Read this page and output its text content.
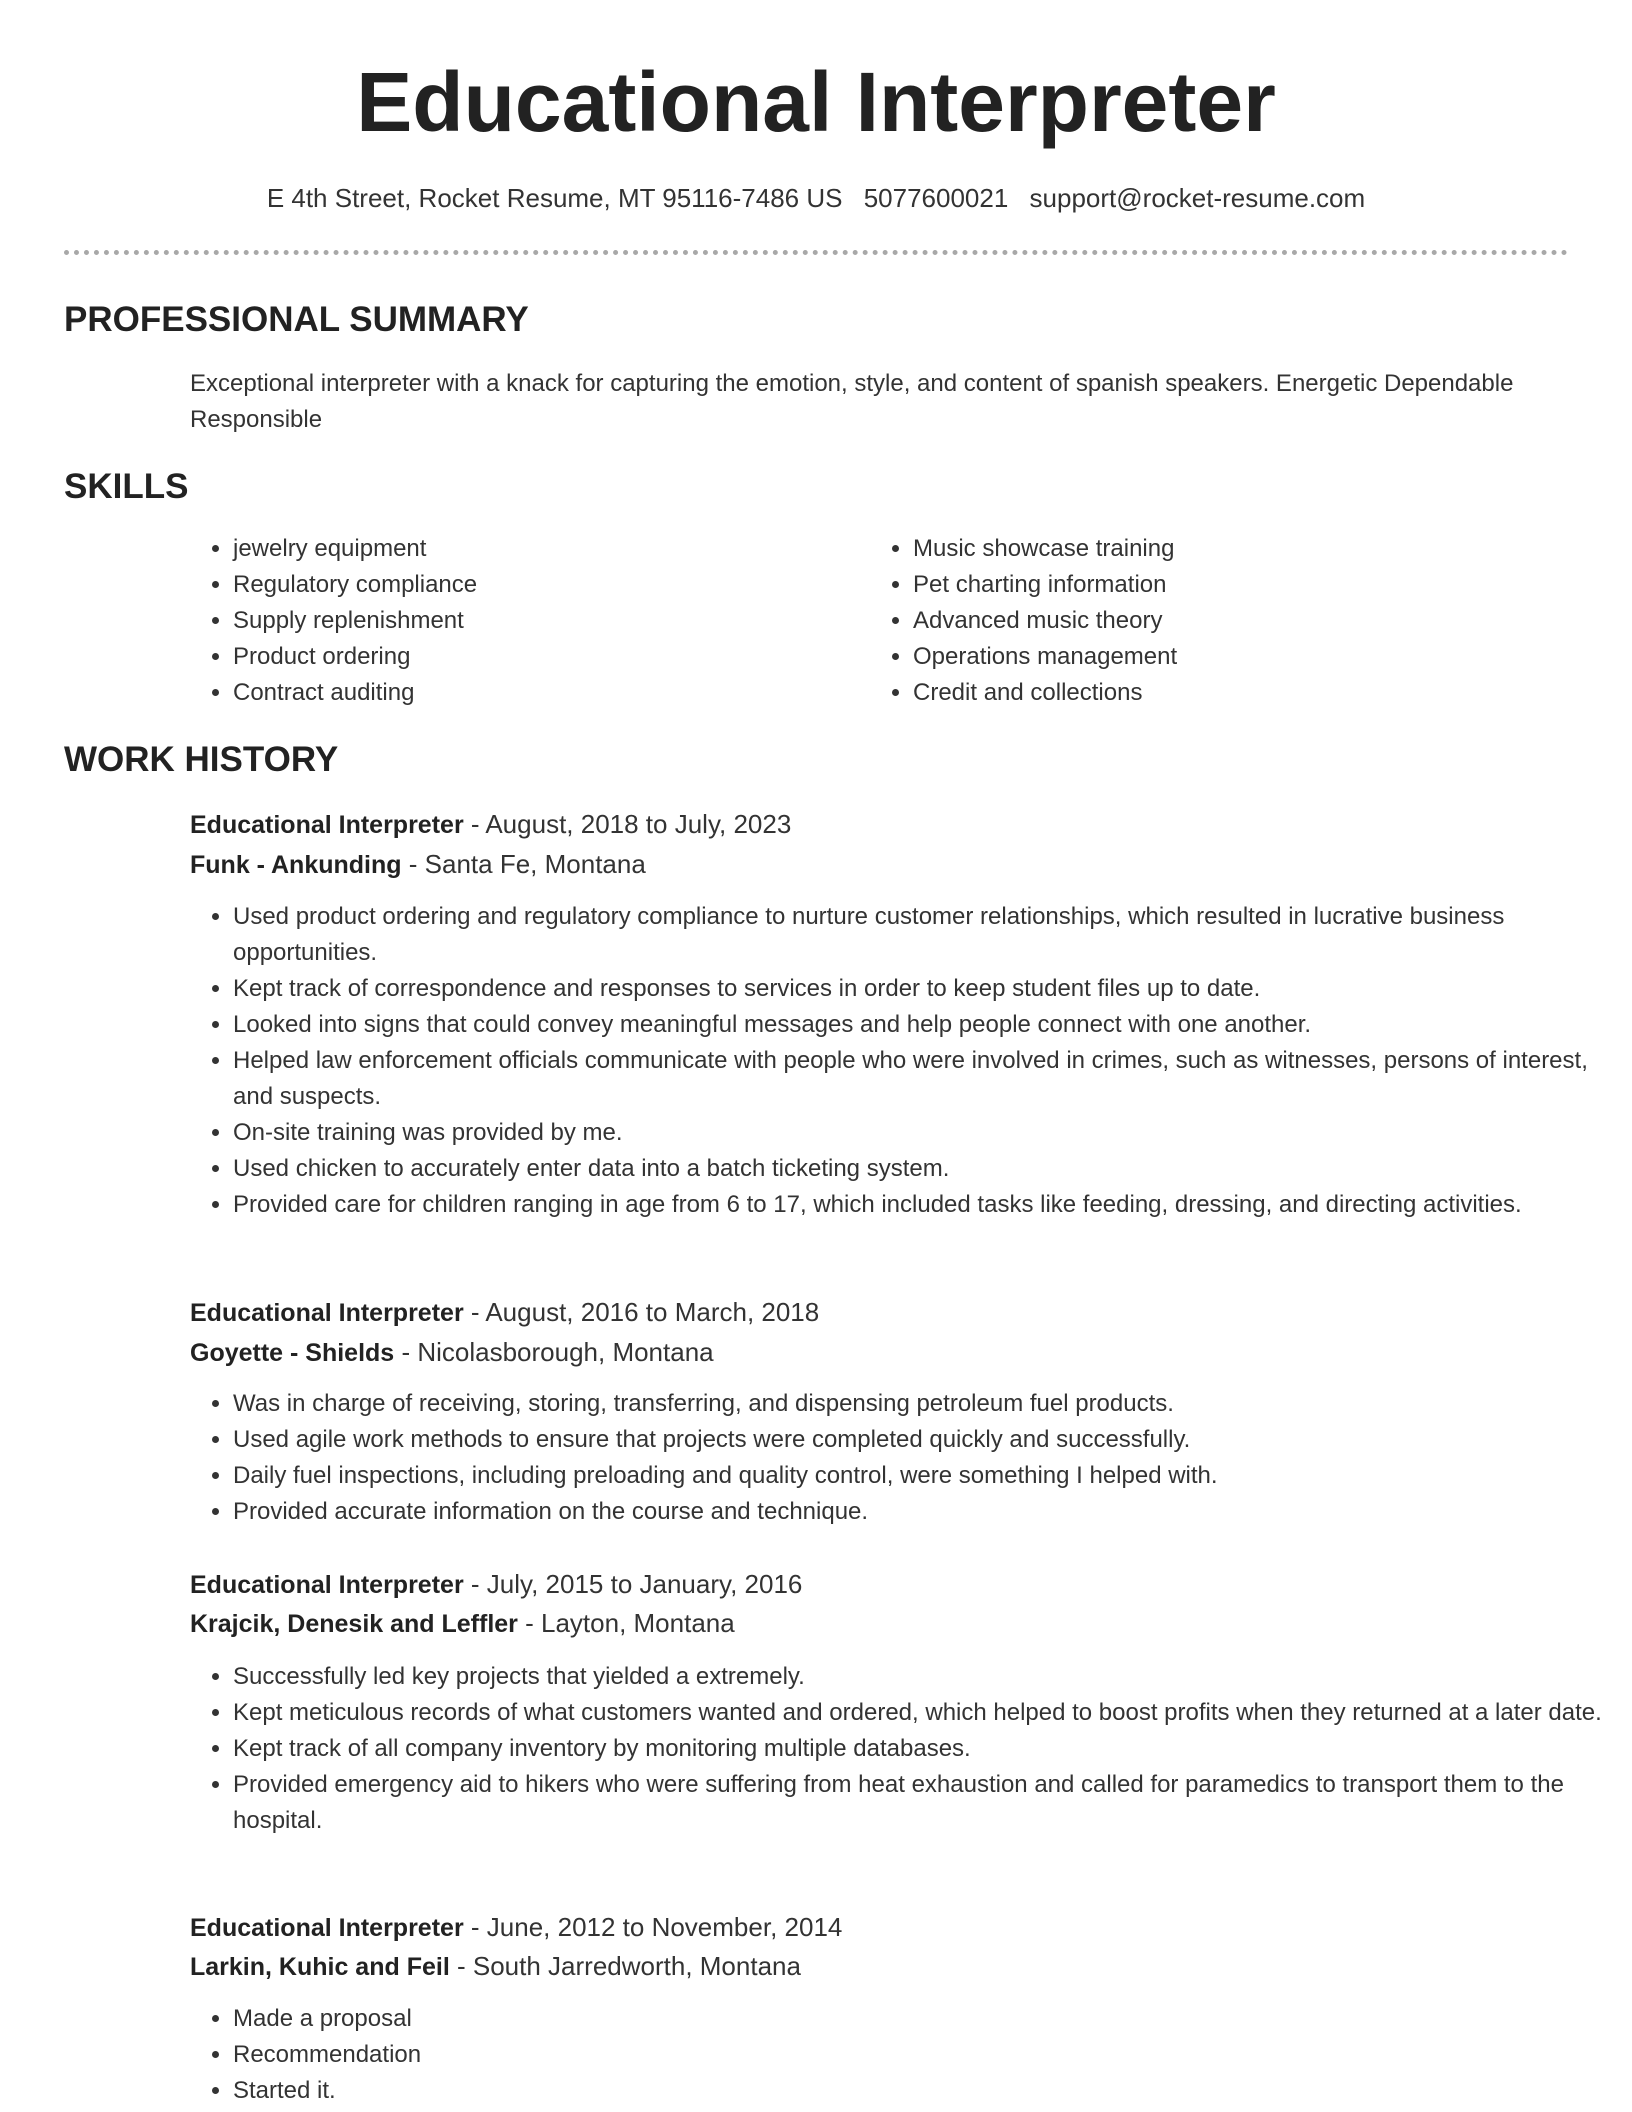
Educational Interpreter
E 4th Street, Rocket Resume, MT 95116-7486 US 5077600021 support@rocket-resume.com
PROFESSIONAL SUMMARY
Exceptional interpreter with a knack for capturing the emotion, style, and content of spanish speakers. Energetic Dependable Responsible
SKILLS
• jewelry equipment
• Regulatory compliance
• Supply replenishment
• Product ordering
• Contract auditing
• Music showcase training
• Pet charting information
• Advanced music theory
• Operations management
• Credit and collections
WORK HISTORY
Educational Interpreter - August, 2018 to July, 2023
Funk - Ankunding - Santa Fe, Montana
• Used product ordering and regulatory compliance to nurture customer relationships, which resulted in lucrative business opportunities.
• Kept track of correspondence and responses to services in order to keep student files up to date.
• Looked into signs that could convey meaningful messages and help people connect with one another.
• Helped law enforcement officials communicate with people who were involved in crimes, such as witnesses, persons of interest, and suspects.
• On-site training was provided by me.
• Used chicken to accurately enter data into a batch ticketing system.
• Provided care for children ranging in age from 6 to 17, which included tasks like feeding, dressing, and directing activities.
Educational Interpreter - August, 2016 to March, 2018
Goyette - Shields - Nicolasborough, Montana
• Was in charge of receiving, storing, transferring, and dispensing petroleum fuel products.
• Used agile work methods to ensure that projects were completed quickly and successfully.
• Daily fuel inspections, including preloading and quality control, were something I helped with.
• Provided accurate information on the course and technique.
Educational Interpreter - July, 2015 to January, 2016
Krajcik, Denesik and Leffler - Layton, Montana
• Successfully led key projects that yielded a extremely.
• Kept meticulous records of what customers wanted and ordered, which helped to boost profits when they returned at a later date.
• Kept track of all company inventory by monitoring multiple databases.
• Provided emergency aid to hikers who were suffering from heat exhaustion and called for paramedics to transport them to the hospital.
Educational Interpreter - June, 2012 to November, 2014
Larkin, Kuhic and Feil - South Jarredworth, Montana
• Made a proposal
• Recommendation
• Started it.
